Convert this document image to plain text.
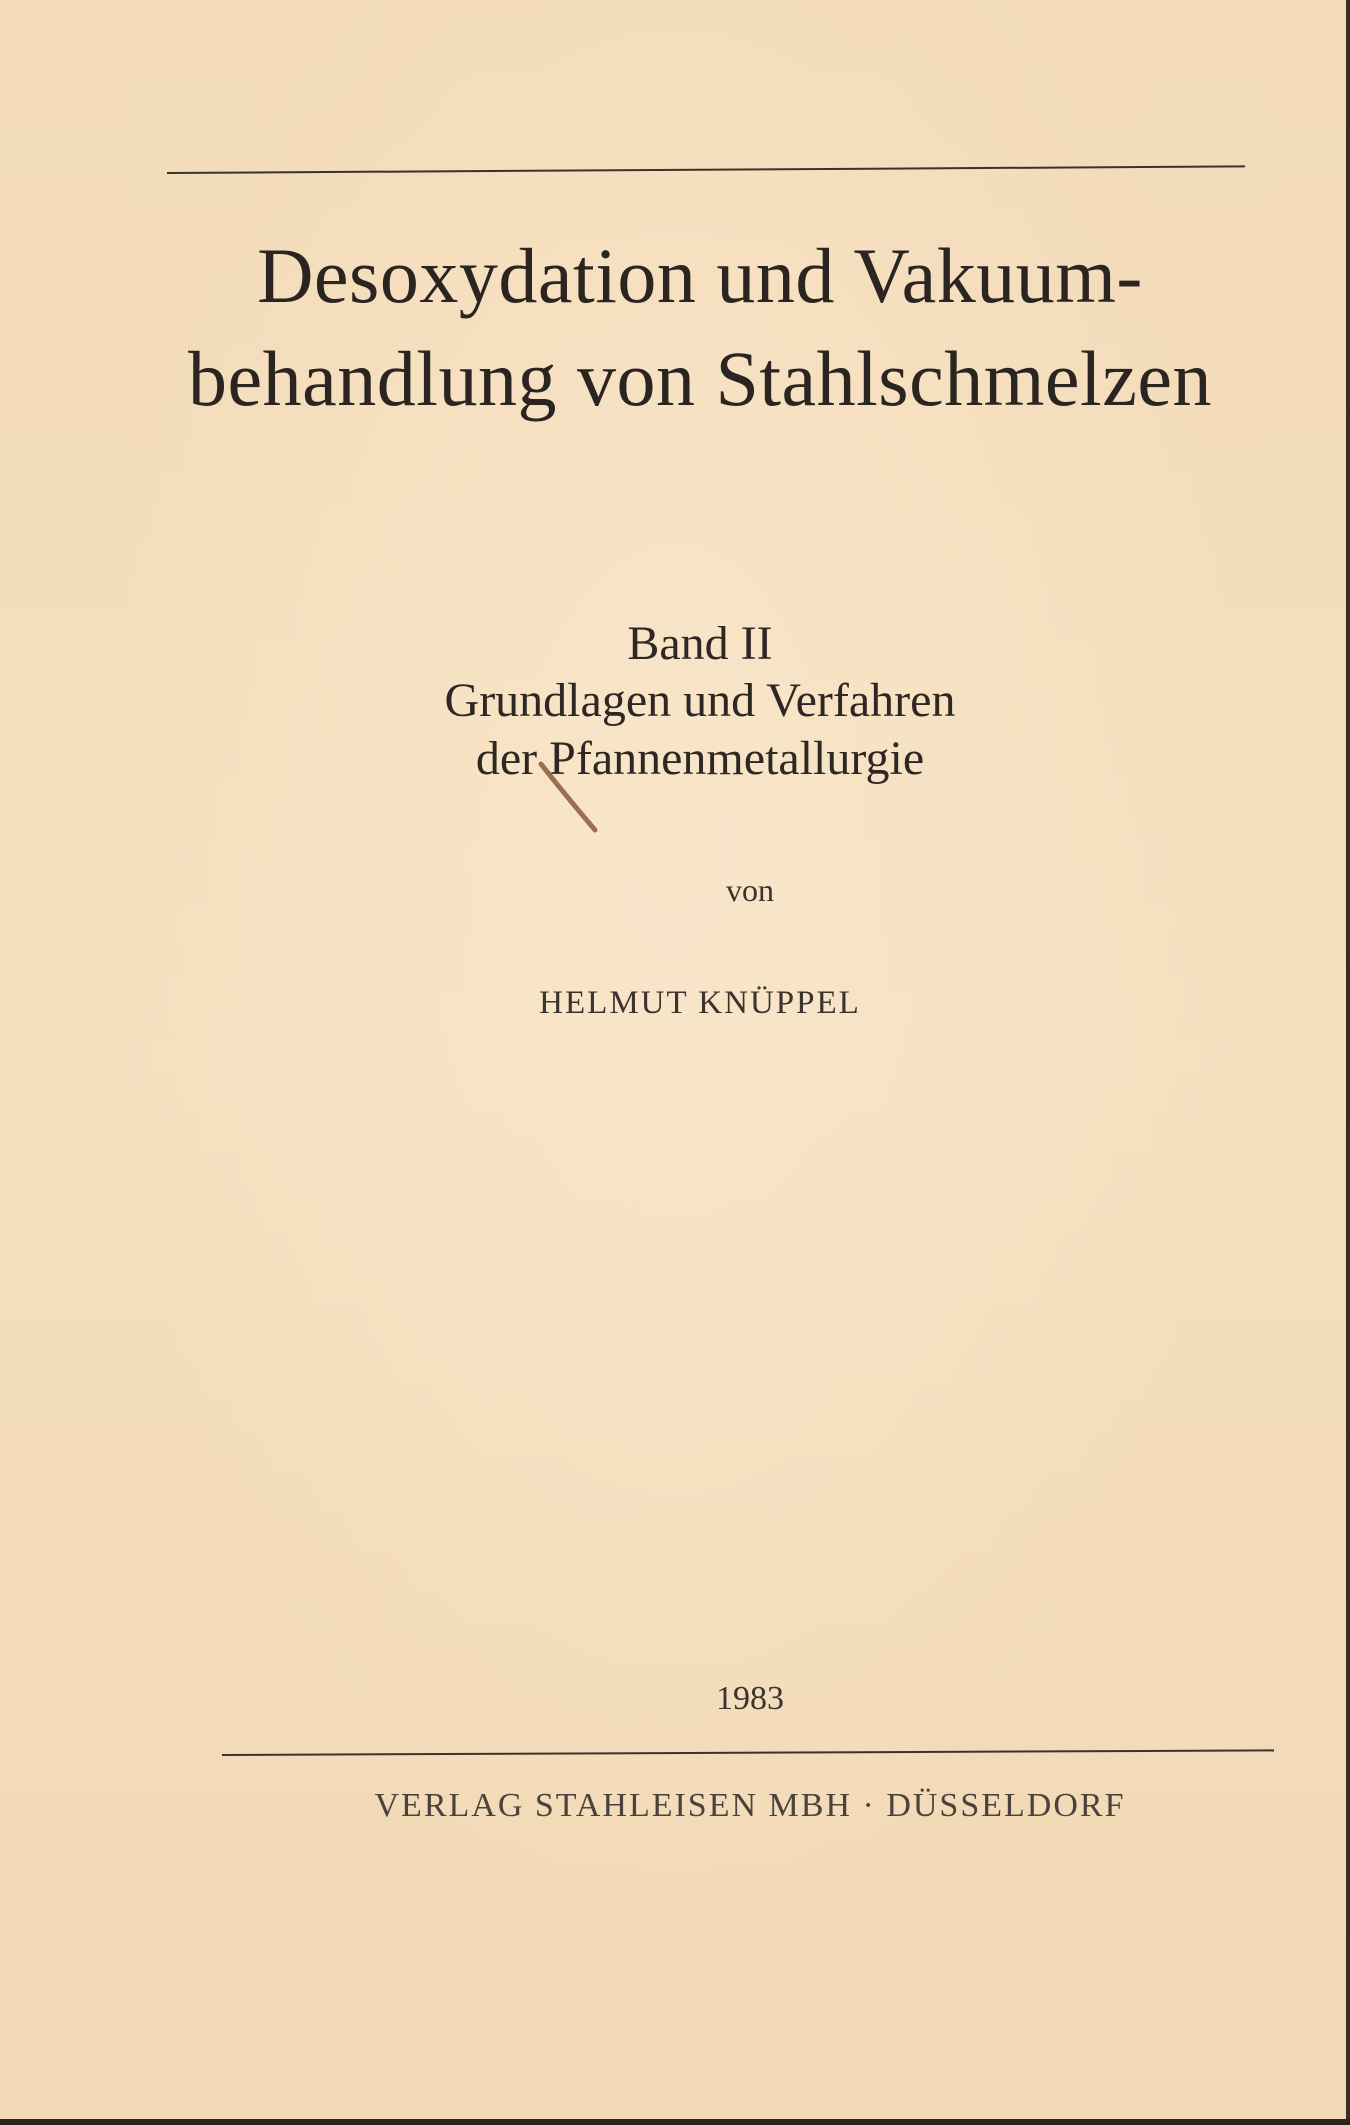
Desoxydation und Vakuum-
behandlung von Stahlschmelzen
Band II
Grundlagen und Verfahren
der Pfannenmetallurgie
von
HELMUT KNÜPPEL
1983
VERLAG STAHLEISEN MBH · DÜSSELDORF
